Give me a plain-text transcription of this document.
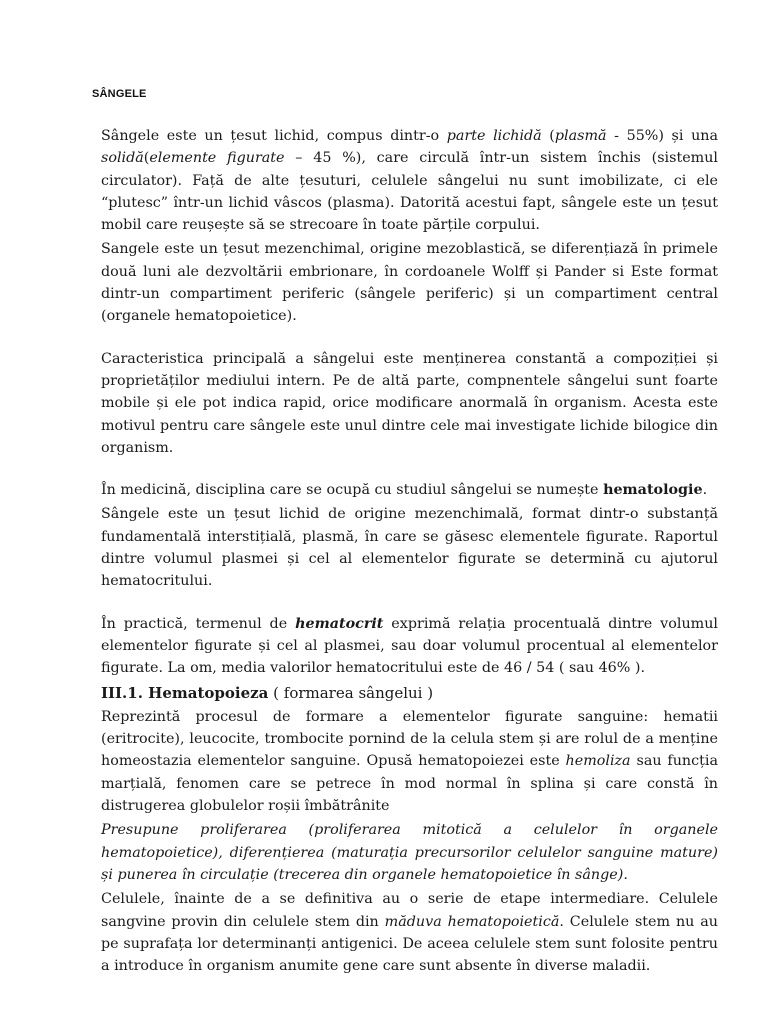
SÂNGELE

Sângele este un țesut lichid, compus dintr-o parte lichidă (plasmă - 55%) și una solidă(elemente figurate – 45 %), care circulă într-un sistem închis (sistemul circulator). Față de alte țesuturi, celulele sângelui nu sunt imobilizate, ci ele “plutesc” într-un lichid vâscos (plasma). Datorită acestui fapt, sângele este un țesut mobil care reușește să se strecoare în toate părțile corpului.

Sangele este un țesut mezenchimal, origine mezoblastică, se diferențiază în primele două luni ale dezvoltării embrionare, în cordoanele Wolff și Pander si Este format dintr-un compartiment periferic (sângele periferic) și un compartiment central (organele hematopoietice).

Caracteristica principală a sângelui este menținerea constantă a compoziției și proprietăților mediului intern. Pe de altă parte, compnentele sângelui sunt foarte mobile și ele pot indica rapid, orice modificare anormală în organism. Acesta este motivul pentru care sângele este unul dintre cele mai investigate lichide bilogice din organism.

În medicină, disciplina care se ocupă cu studiul sângelui se numește hematologie.

Sângele este un țesut lichid de origine mezenchimală, format dintr-o substanță fundamentală interstițială, plasmă, în care se găsesc elementele figurate. Raportul dintre volumul plasmei și cel al elementelor figurate se determină cu ajutorul hematocritului.

În practică, termenul de hematocrit exprimă relația procentuală dintre volumul elementelor figurate și cel al plasmei, sau doar volumul procentual al elementelor figurate. La om, media valorilor hematocritului este de 46 / 54 ( sau 46% ).

III.1. Hematopoieza ( formarea sângelui )

Reprezintă procesul de formare a elementelor figurate sanguine: hematii (eritrocite), leucocite, trombocite pornind de la celula stem și are rolul de a menține homeostazia elementelor sanguine. Opusă hematopoiezei este hemoliza sau funcția marțială, fenomen care se petrece în mod normal în splina și care constă în distrugerea globulelor roșii îmbătrânite

Presupune proliferarea (proliferarea mitotică a celulelor în organele hematopoietice), diferențierea (maturația precursorilor celulelor sanguine mature) și punerea în circulație (trecerea din organele hematopoietice în sânge).

Celulele, înainte de a se definitiva au o serie de etape intermediare. Celulele sangvine provin din celulele stem din măduva hematopoietică. Celulele stem nu au pe suprafața lor determinanți antigenici. De aceea celulele stem sunt folosite pentru a introduce în organism anumite gene care sunt absente în diverse maladii.
